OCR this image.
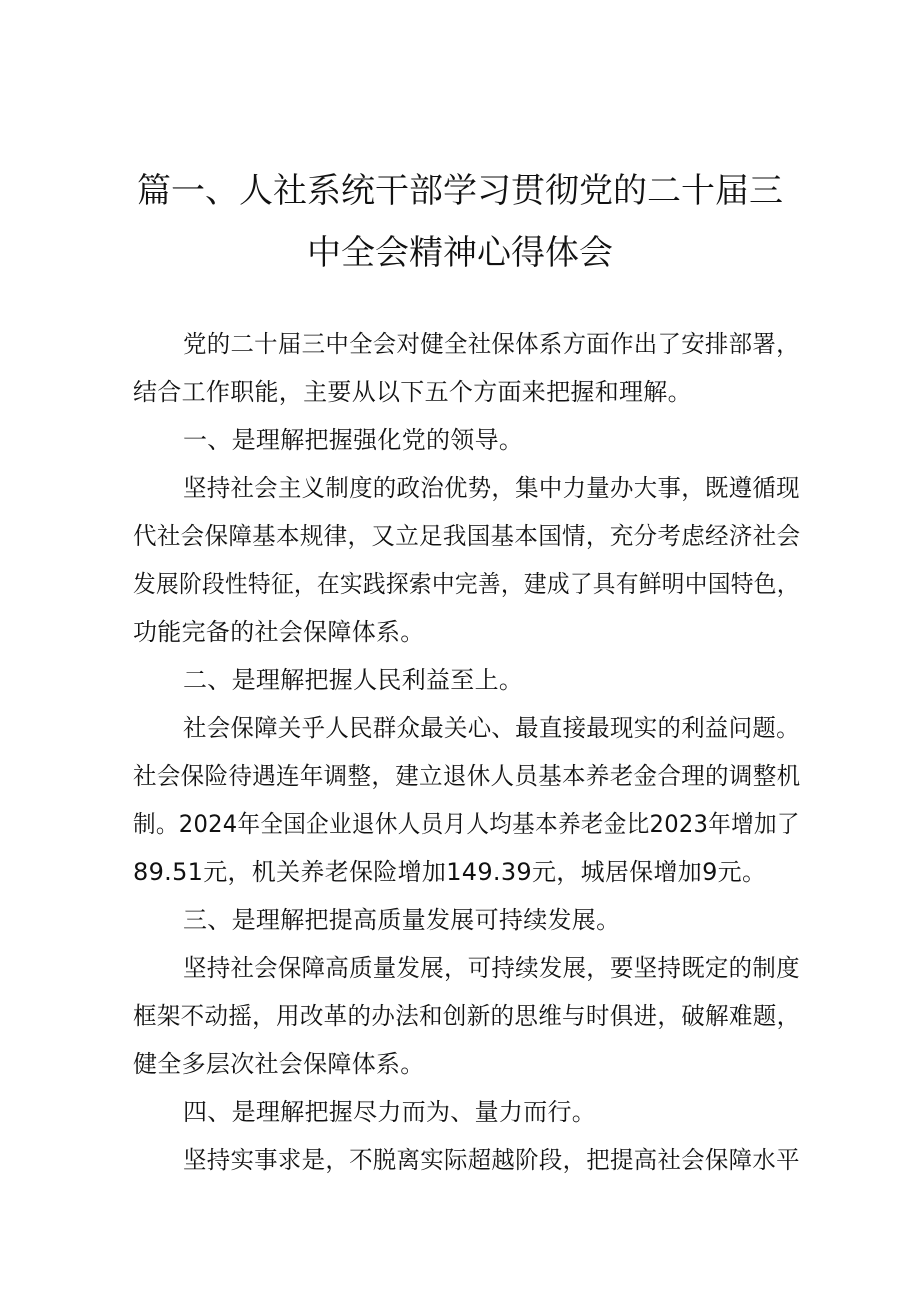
篇一、人社系统干部学习贯彻党的二十届三
中全会精神心得体会
党的二十届三中全会对健全社保体系方面作出了安排部署，
结合工作职能，主要从以下五个方面来把握和理解。
一、是理解把握强化党的领导。
坚持社会主义制度的政治优势，集中力量办大事，既遵循现
代社会保障基本规律，又立足我国基本国情，充分考虑经济社会
发展阶段性特征，在实践探索中完善，建成了具有鲜明中国特色，
功能完备的社会保障体系。
二、是理解把握人民利益至上。
社会保障关乎人民群众最关心、最直接最现实的利益问题。
社会保险待遇连年调整，建立退休人员基本养老金合理的调整机
制。2024年全国企业退休人员月人均基本养老金比2023年增加了
89.51元，机关养老保险增加149.39元，城居保增加9元。
三、是理解把提高质量发展可持续发展。
坚持社会保障高质量发展，可持续发展，要坚持既定的制度
框架不动摇，用改革的办法和创新的思维与时俱进，破解难题，
健全多层次社会保障体系。
四、是理解把握尽力而为、量力而行。
坚持实事求是，不脱离实际超越阶段，把提高社会保障水平
